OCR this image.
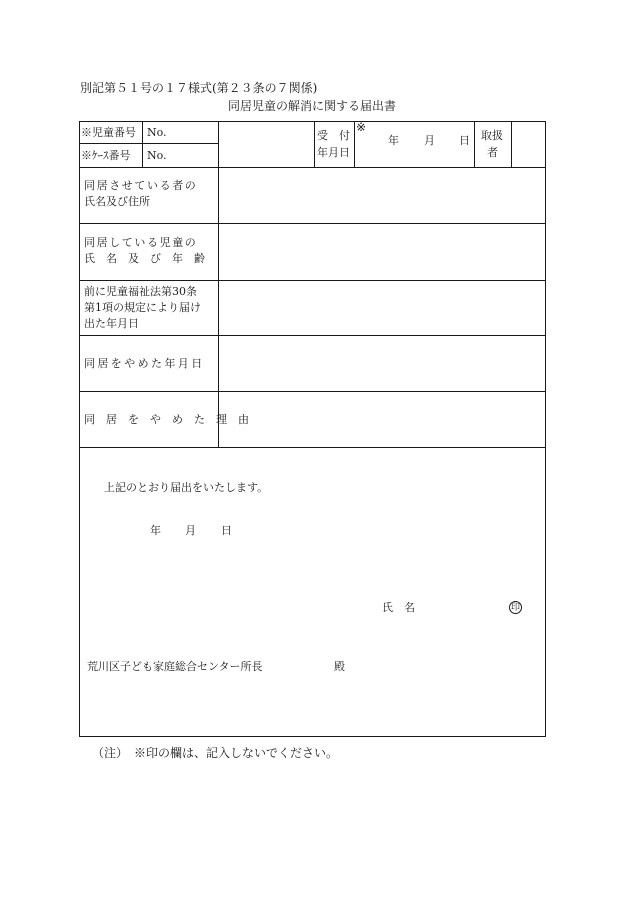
別記第５１号の１７様式(第２３条の７関係)
同居児童の解消に関する届出書
※児童番号 No.
※ｹｰｽ番号 No.
受　付
年月日
※
年 月 日 取扱
者
同居させている者の
氏名及び住所
同居している児童の
氏　名　及　び　年　齢
前に児童福祉法第30条
第1項の規定により届け
出た年月日
同居をやめた年月日
同　居　を　や　め　た　理　由
上記のとおり届出をいたします。
年 月 日
氏　名	印
荒川区子ども家庭総合センター所長	殿
（注）　※印の欄は、記入しないでください。
